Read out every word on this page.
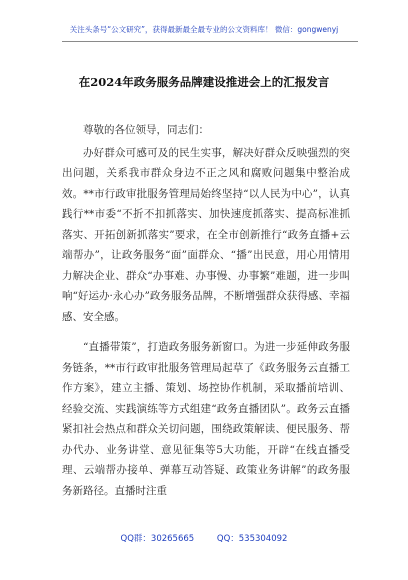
关注头条号“公文研究”，获得最新最全最专业的公文资料库！ 微信：gongwenyj
在2024年政务服务品牌建设推进会上的汇报发言

尊敬的各位领导，同志们：

办好群众可感可及的民生实事，解决好群众反映强烈的突出问题，关系我市群众身边不正之风和腐败问题集中整治成效。**市行政审批服务管理局始终坚持“以人民为中心”，认真践行**市委“不折不扣抓落实、加快速度抓落实、提高标准抓落实、开拓创新抓落实”要求，在全市创新推行“政务直播+云端帮办”，让政务服务“面”面群众、“播”出民意，用心用情用力解决企业、群众“办事难、办事慢、办事繁”难题，进一步叫响“好运办·永心办”政务服务品牌，不断增强群众获得感、幸福感、安全感。

“直播带策”，打造政务服务新窗口。为进一步延伸政务服务链条，**市行政审批服务管理局起草了《政务服务云直播工作方案》，建立主播、策划、场控协作机制，采取播前培训、经验交流、实践演练等方式组建“政务直播团队”。政务云直播紧扣社会热点和群众关切问题，围绕政策解读、便民服务、帮办代办、业务讲堂、意见征集等5大功能，开辟“在线直播受理、云端帮办接单、弹幕互动答疑、政策业务讲解”的政务服务新路径。直播时注重

QQ群：30265665	QQ：535304092
